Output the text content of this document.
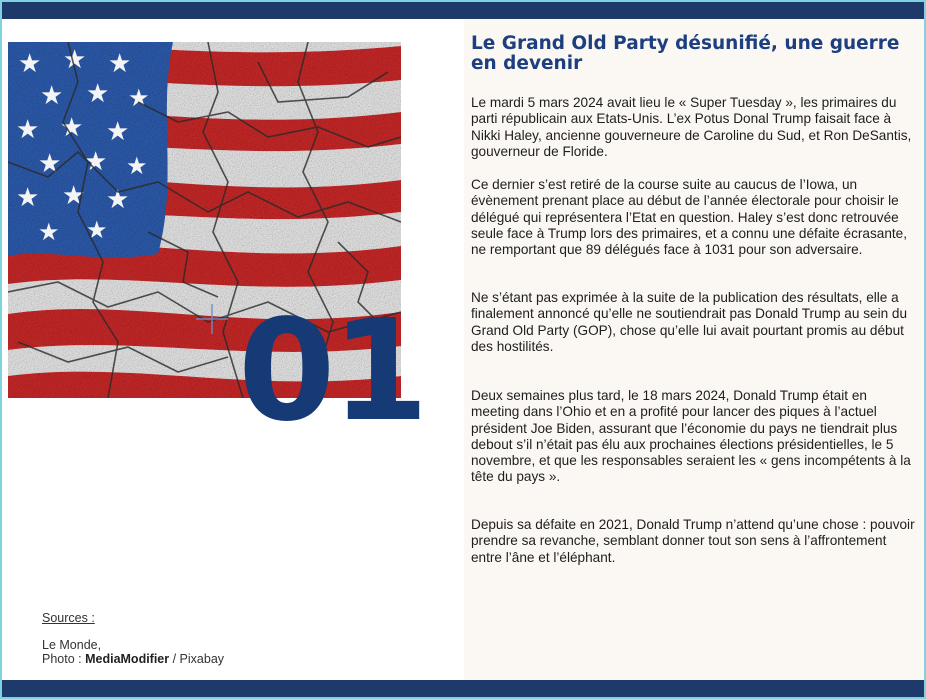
★ ★ ★
★ ★ ★
★ ★ ★
★ ★ ★
★ ★ ★
★ ★
01
Le Grand Old Party désunifié, une guerre en devenir

Le mardi 5 mars 2024 avait lieu le « Super Tuesday », les primaires du parti républicain aux Etats-Unis. L’ex Potus Donal Trump faisait face à Nikki Haley, ancienne gouverneure de Caroline du Sud, et Ron DeSantis, gouverneur de Floride.

Ce dernier s’est retiré de la course suite au caucus de l’Iowa, un évènement prenant place au début de l’année électorale pour choisir le délégué qui représentera l’Etat en question. Haley s’est donc retrouvée seule face à Trump lors des primaires, et a connu une défaite écrasante, ne remportant que 89 délégués face à 1031 pour son adversaire.

Ne s’étant pas exprimée à la suite de la publication des résultats, elle a finalement annoncé qu’elle ne soutiendrait pas Donald Trump au sein du Grand Old Party (GOP), chose qu’elle lui avait pourtant promis au début des hostilités.

Deux semaines plus tard, le 18 mars 2024, Donald Trump était en meeting dans l’Ohio et en a profité pour lancer des piques à l’actuel président Joe Biden, assurant que l’économie du pays ne tiendrait plus debout s’il n’était pas élu aux prochaines élections présidentielles, le 5 novembre, et que les responsables seraient les « gens incompétents à la tête du pays ».

Depuis sa défaite en 2021, Donald Trump n’attend qu’une chose : pouvoir prendre sa revanche, semblant donner tout son sens à l’affrontement entre l’âne et l’éléphant.

Sources :
Le Monde,
Photo : MediaModifier / Pixabay
